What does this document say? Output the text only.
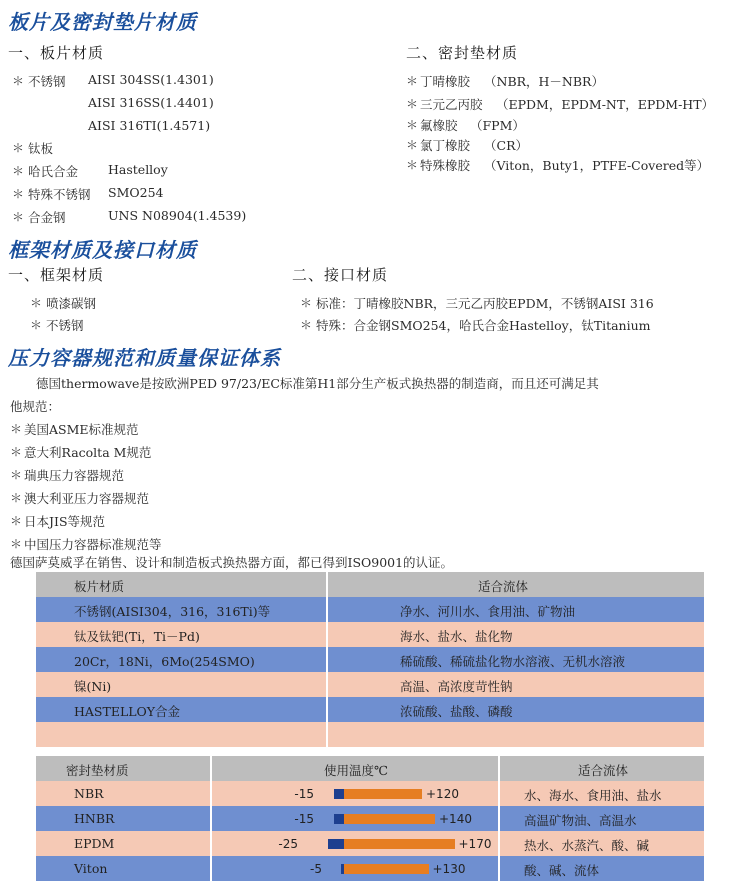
板片及密封垫片材质
一、板片材质
＊ 不锈钢 AISI 304SS(1.4301)
AISI 316SS(1.4401)
AISI 316TI(1.4571)
＊ 钛板
＊ 哈氏合金 Hastelloy
＊ 特殊不锈钢 SMO254
＊ 合金钢	UNS N08904(1.4539)
二、密封垫材质
＊ 丁晴橡胶 （NBR，H－NBR）
＊ 三元乙丙胶 （EPDM，EPDM-NT，EPDM-HT）
＊ 氟橡胶 （FPM）
＊ 氯丁橡胶 （CR）
＊ 特殊橡胶 （Viton，Buty1，PTFE-Covered等）
框架材质及接口材质
一、框架材质
＊ 喷漆碳钢
＊ 不锈钢
二、接口材质
＊ 标准：丁晴橡胶NBR，三元乙丙胶EPDM，不锈钢AISI 316
＊ 特殊：合金钢SMO254，哈氏合金Hastelloy，钛Titanium
压力容器规范和质量保证体系
德国thermowave是按欧洲PED 97/23/EC标准第H1部分生产板式换热器的制造商，而且还可满足其
他规范：
＊ 美国ASME标准规范
＊ 意大利Racolta M规范
＊ 瑞典压力容器规范
＊ 澳大利亚压力容器规范
＊ 日本JIS等规范
＊ 中国压力容器标准规范等
德国萨莫威孚在销售、设计和制造板式换热器方面，都已得到ISO9001的认证。
板片材质	适合流体
不锈钢(AISI304，316，316Ti)等	净水、河川水、食用油、矿物油
钛及钛钯(Ti，Ti－Pd)	海水、盐水、盐化物
20Cr，18Ni，6Mo(254SMO)	稀硫酸、稀硫盐化物水溶液、无机水溶液
镍(Ni)	高温、高浓度苛性钠
HASTELLOY合金	浓硫酸、盐酸、磷酸
密封垫材质	使用温度℃	适合流体
NBR	-15	+120	水、海水、食用油、盐水
HNBR	-15	+140	高温矿物油、高温水
EPDM	-25	+170	热水、水蒸汽、酸、碱
Viton	-5	+130	酸、碱、流体
